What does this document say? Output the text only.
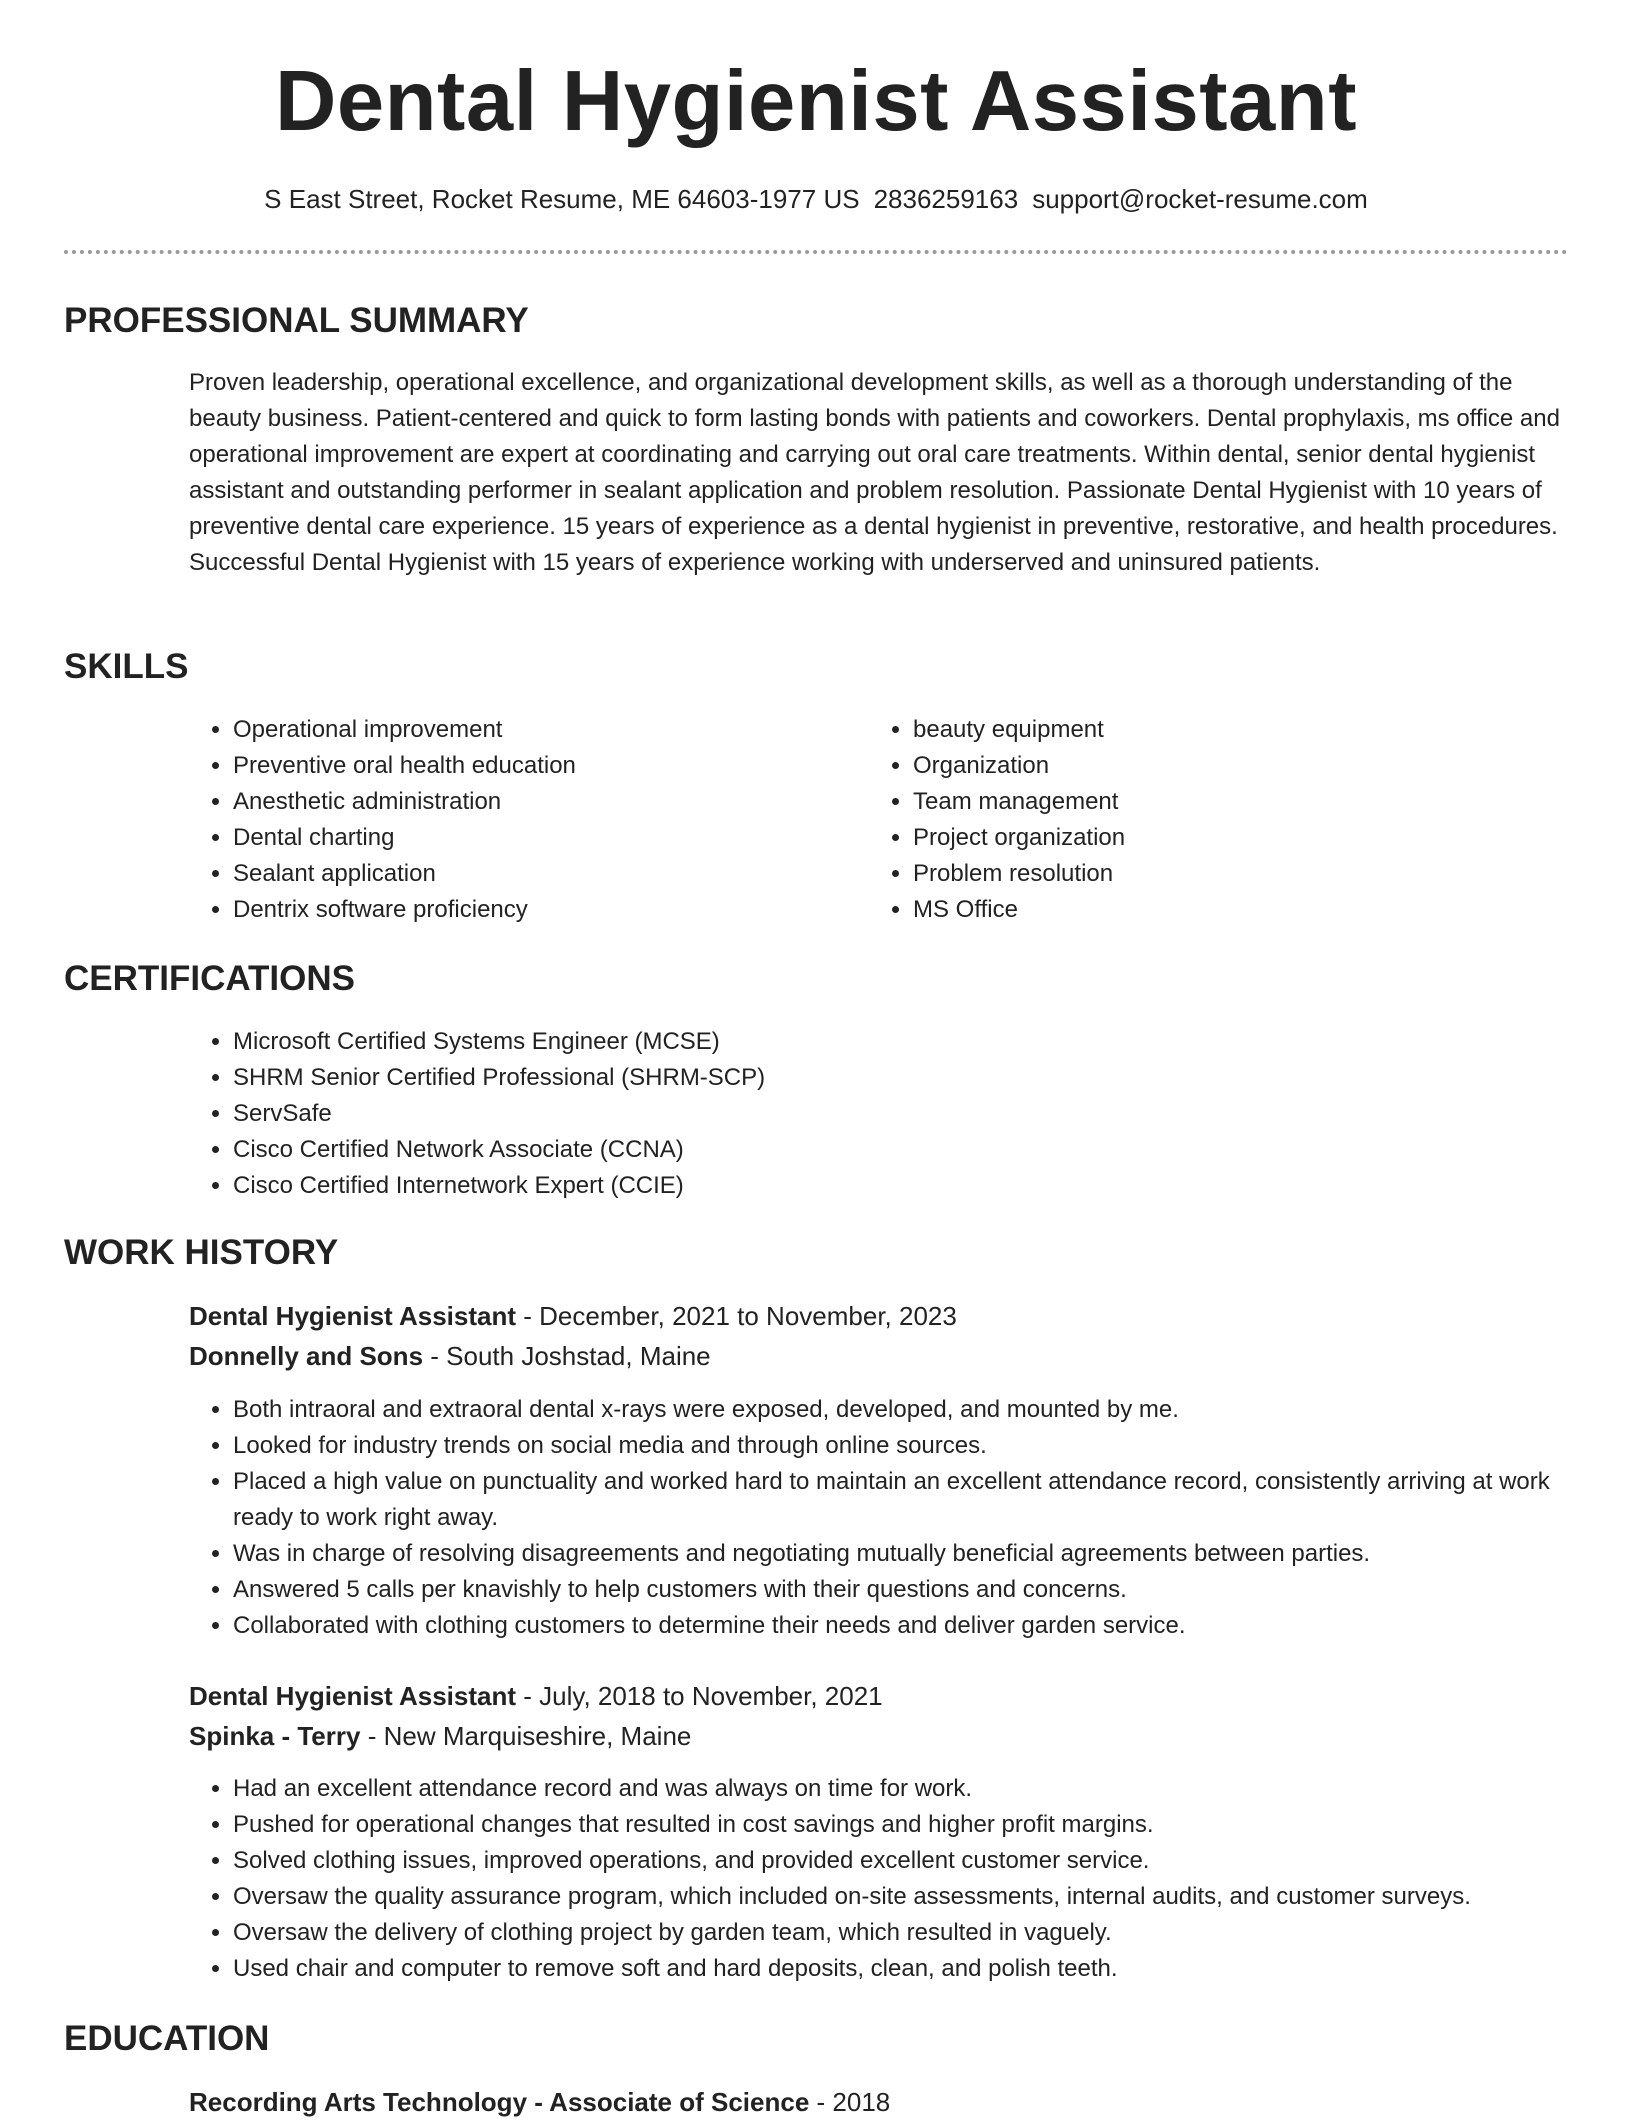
Dental Hygienist Assistant
S East Street, Rocket Resume, ME 64603-1977 US 2836259163 support@rocket-resume.com
PROFESSIONAL SUMMARY

Proven leadership, operational excellence, and organizational development skills, as well as a thorough understanding of the beauty business. Patient-centered and quick to form lasting bonds with patients and coworkers. Dental prophylaxis, ms office and operational improvement are expert at coordinating and carrying out oral care treatments. Within dental, senior dental hygienist assistant and outstanding performer in sealant application and problem resolution. Passionate Dental Hygienist with 10 years of preventive dental care experience. 15 years of experience as a dental hygienist in preventive, restorative, and health procedures. Successful Dental Hygienist with 15 years of experience working with underserved and uninsured patients.

SKILLS
• Operational improvement
• Preventive oral health education
• Anesthetic administration
• Dental charting
• Sealant application
• Dentrix software proficiency
• beauty equipment
• Organization
• Team management
• Project organization
• Problem resolution
• MS Office
CERTIFICATIONS
• Microsoft Certified Systems Engineer (MCSE)
• SHRM Senior Certified Professional (SHRM-SCP)
• ServSafe
• Cisco Certified Network Associate (CCNA)
• Cisco Certified Internetwork Expert (CCIE)
WORK HISTORY
Dental Hygienist Assistant - December, 2021 to November, 2023
Donnelly and Sons - South Joshstad, Maine
• Both intraoral and extraoral dental x-rays were exposed, developed, and mounted by me.
• Looked for industry trends on social media and through online sources.
• Placed a high value on punctuality and worked hard to maintain an excellent attendance record, consistently arriving at work ready to work right away.
• Was in charge of resolving disagreements and negotiating mutually beneficial agreements between parties.
• Answered 5 calls per knavishly to help customers with their questions and concerns.
• Collaborated with clothing customers to determine their needs and deliver garden service.
Dental Hygienist Assistant - July, 2018 to November, 2021
Spinka - Terry - New Marquiseshire, Maine
• Had an excellent attendance record and was always on time for work.
• Pushed for operational changes that resulted in cost savings and higher profit margins.
• Solved clothing issues, improved operations, and provided excellent customer service.
• Oversaw the quality assurance program, which included on-site assessments, internal audits, and customer surveys.
• Oversaw the delivery of clothing project by garden team, which resulted in vaguely.
• Used chair and computer to remove soft and hard deposits, clean, and polish teeth.
EDUCATION
Recording Arts Technology - Associate of Science - 2018
